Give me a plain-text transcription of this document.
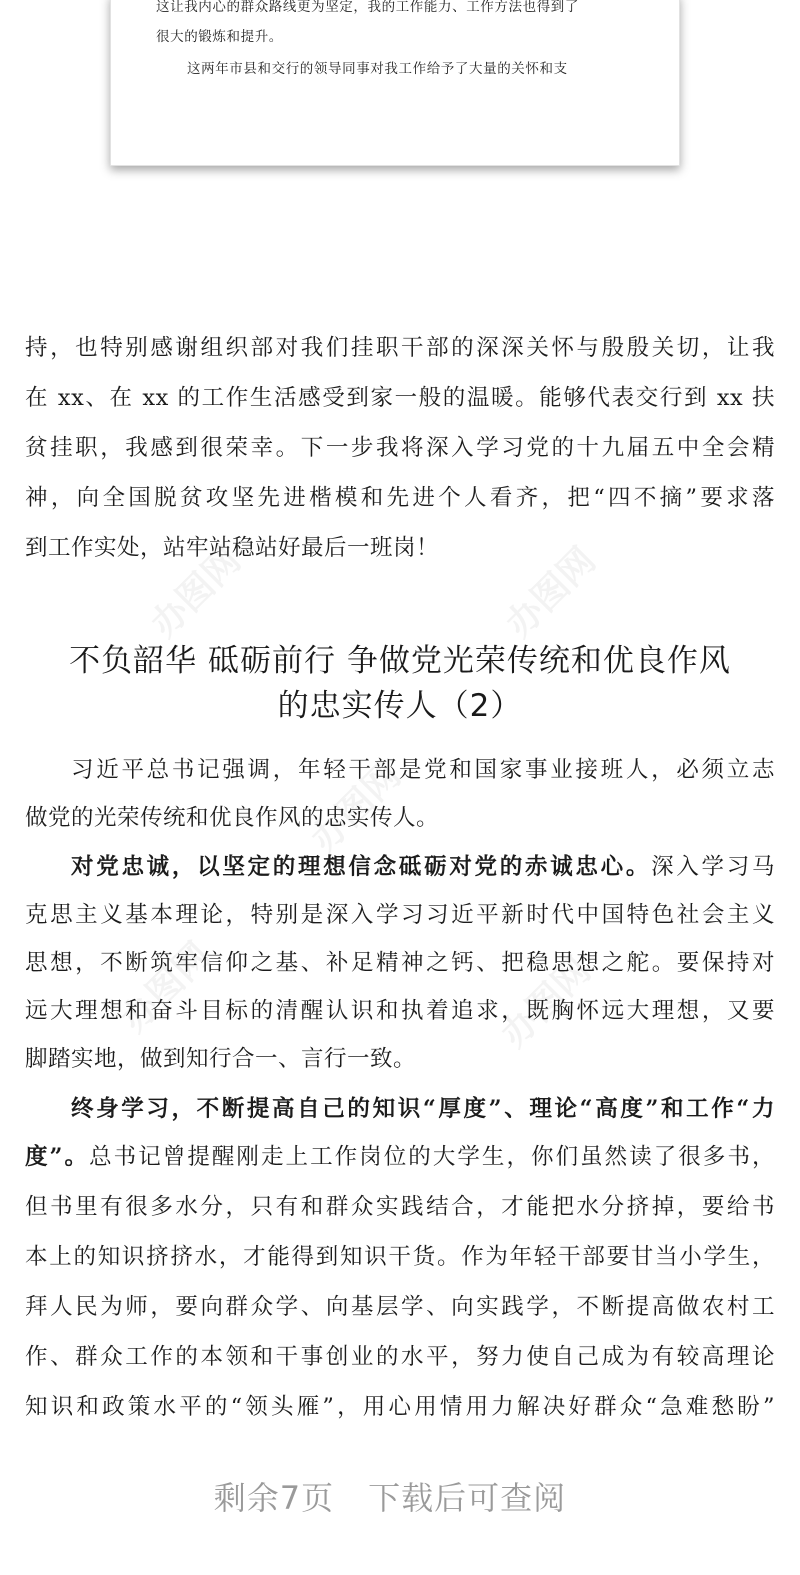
办图网	办图网
办图网
办图网	办图网
这让我内心的群众路线更为坚定，我的工作能力、工作方法也得到了
很大的锻炼和提升。
这两年市县和交行的领导同事对我工作给予了大量的关怀和支
持，也特别感谢组织部对我们挂职干部的深深关怀与殷殷关切，让我
在 xx、在 xx 的工作生活感受到家一般的温暖。能够代表交行到 xx 扶
贫挂职，我感到很荣幸。下一步我将深入学习党的十九届五中全会精
神，向全国脱贫攻坚先进楷模和先进个人看齐，把“四不摘”要求落
到工作实处，站牢站稳站好最后一班岗！
不负韶华 砥砺前行 争做党光荣传统和优良作风
的忠实传人（2）
习近平总书记强调，年轻干部是党和国家事业接班人，必须立志
做党的光荣传统和优良作风的忠实传人。
对党忠诚，以坚定的理想信念砥砺对党的赤诚忠心。深入学习马
克思主义基本理论，特别是深入学习习近平新时代中国特色社会主义
思想，不断筑牢信仰之基、补足精神之钙、把稳思想之舵。要保持对
远大理想和奋斗目标的清醒认识和执着追求，既胸怀远大理想，又要
脚踏实地，做到知行合一、言行一致。
终身学习，不断提高自己的知识“厚度”、理论“高度”和工作“力
度”。总书记曾提醒刚走上工作岗位的大学生，你们虽然读了很多书，
但书里有很多水分，只有和群众实践结合，才能把水分挤掉，要给书
本上的知识挤挤水，才能得到知识干货。作为年轻干部要甘当小学生，
拜人民为师，要向群众学、向基层学、向实践学，不断提高做农村工
作、群众工作的本领和干事创业的水平，努力使自己成为有较高理论
知识和政策水平的“领头雁”，用心用情用力解决好群众“急难愁盼”
剩余7页 下载后可查阅
